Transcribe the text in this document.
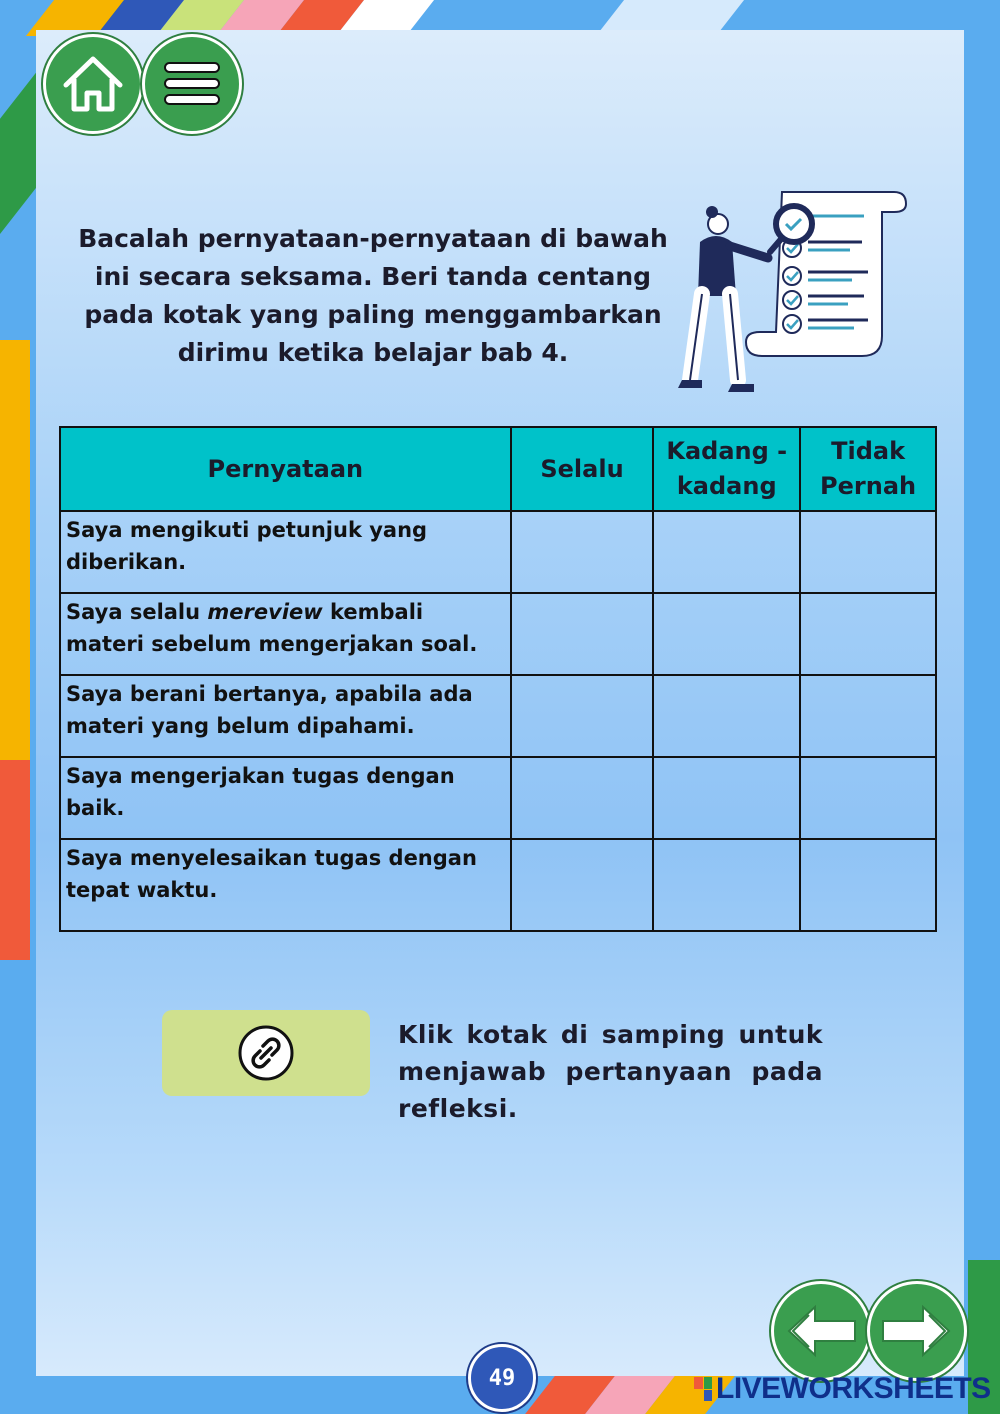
Bacalah pernyataan-pernyataan di bawah ini secara seksama. Beri tanda centang pada kotak yang paling menggambarkan dirimu ketika belajar bab 4.

Pernyataan	Selalu	Kadang - kadang	Tidak Pernah
Saya mengikuti petunjuk yang diberikan.			
Saya selalu mereview kembali materi sebelum mengerjakan soal.			
Saya berani bertanya, apabila ada materi yang belum dipahami.			
Saya mengerjakan tugas dengan baik.			
Saya menyelesaikan tugas dengan tepat waktu.			

Klik kotak di samping untuk menjawab pertanyaan pada refleksi.

49	LIVEWORKSHEETS
